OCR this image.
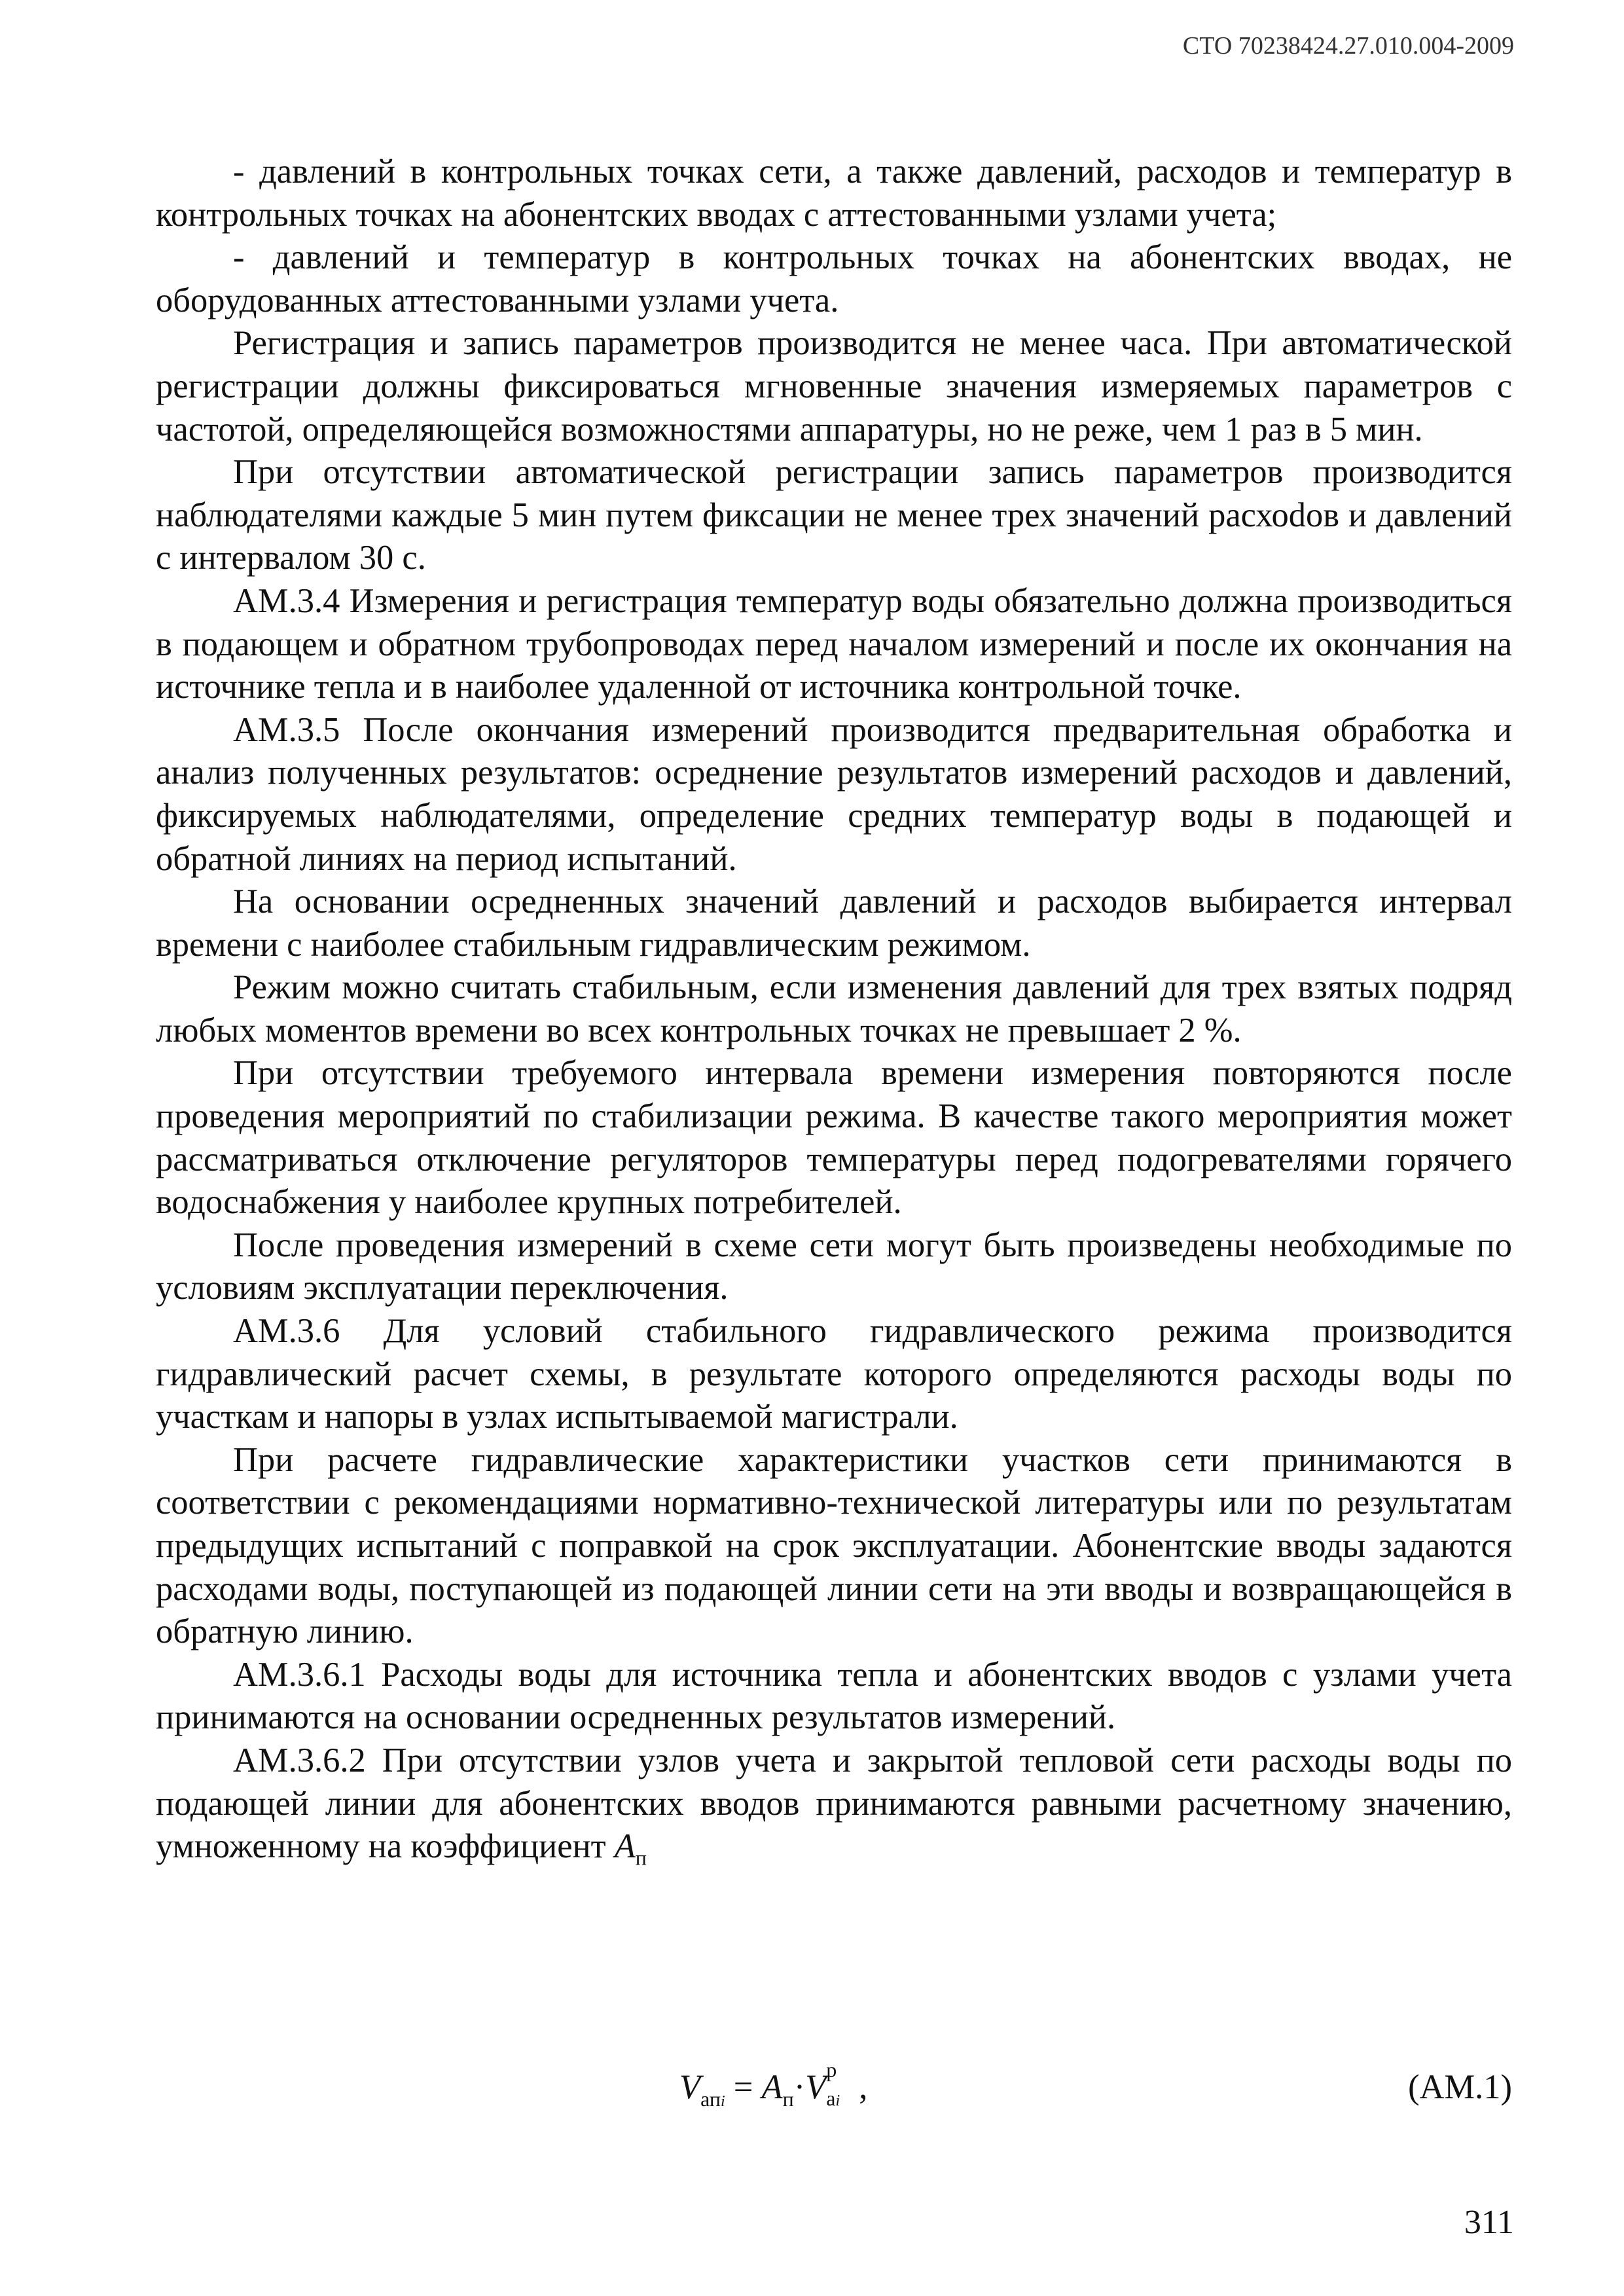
СТО 70238424.27.010.004-2009

- давлений в контрольных точках сети, а также давлений, расходов и температур в контрольных точках на абонентских вводах с аттестованными узлами учета;

- давлений и температур в контрольных точках на абонентских вводах, не оборудованных аттестованными узлами учета.

Регистрация и запись параметров производится не менее часа. При автоматической регистрации должны фиксироваться мгновенные значения измеряемых параметров с частотой, определяющейся возможностями аппаратуры, но не реже, чем 1 раз в 5 мин.

При отсутствии автоматической регистрации запись параметров производится наблюдателями каждые 5 мин путем фиксации не менее трех значений расхоdов и давлений с интервалом 30 с.

АМ.3.4 Измерения и регистрация температур воды обязательно должна производиться в подающем и обратном трубопроводах перед началом измерений и после их окончания на источнике тепла и в наиболее удаленной от источника контрольной точке.

АМ.3.5 После окончания измерений производится предварительная обработка и анализ полученных результатов: осреднение результатов измерений расходов и давлений, фиксируемых наблюдателями, определение средних температур воды в подающей и обратной линиях на период испытаний.

На основании осредненных значений давлений и расходов выбирается интервал времени с наиболее стабильным гидравлическим режимом.

Режим можно считать стабильным, если изменения давлений для трех взятых подряд любых моментов времени во всех контрольных точках не превышает 2 %.

При отсутствии требуемого интервала времени измерения повторяются после проведения мероприятий по стабилизации режима. В качестве такого мероприятия может рассматриваться отключение регуляторов температуры перед подогревателями горячего водоснабжения у наиболее крупных потребителей.

После проведения измерений в схеме сети могут быть произведены необходимые по условиям эксплуатации переключения.

АМ.3.6 Для условий стабильного гидравлического режима производится гидравлический расчет схемы, в результате которого определяются расходы воды по участкам и напоры в узлах испытываемой магистрали.

При расчете гидравлические характеристики участков сети принимаются в соответствии с рекомендациями нормативно-технической литературы или по результатам предыдущих испытаний с поправкой на срок эксплуатации. Абонентские вводы задаются расходами воды, поступающей из подающей линии сети на эти вводы и возвращающейся в обратную линию.

АМ.3.6.1 Расходы воды для источника тепла и абонентских вводов с узлами учета принимаются на основании осредненных результатов измерений.

АМ.3.6.2 При отсутствии узлов учета и закрытой тепловой сети расходы воды по подающей линии для абонентских вводов принимаются равными расчетному значению, умноженному на коэффициент $A_п$

$V_{апi} = A_п\cdot V$ р
аi ,	(АМ.1)
311
